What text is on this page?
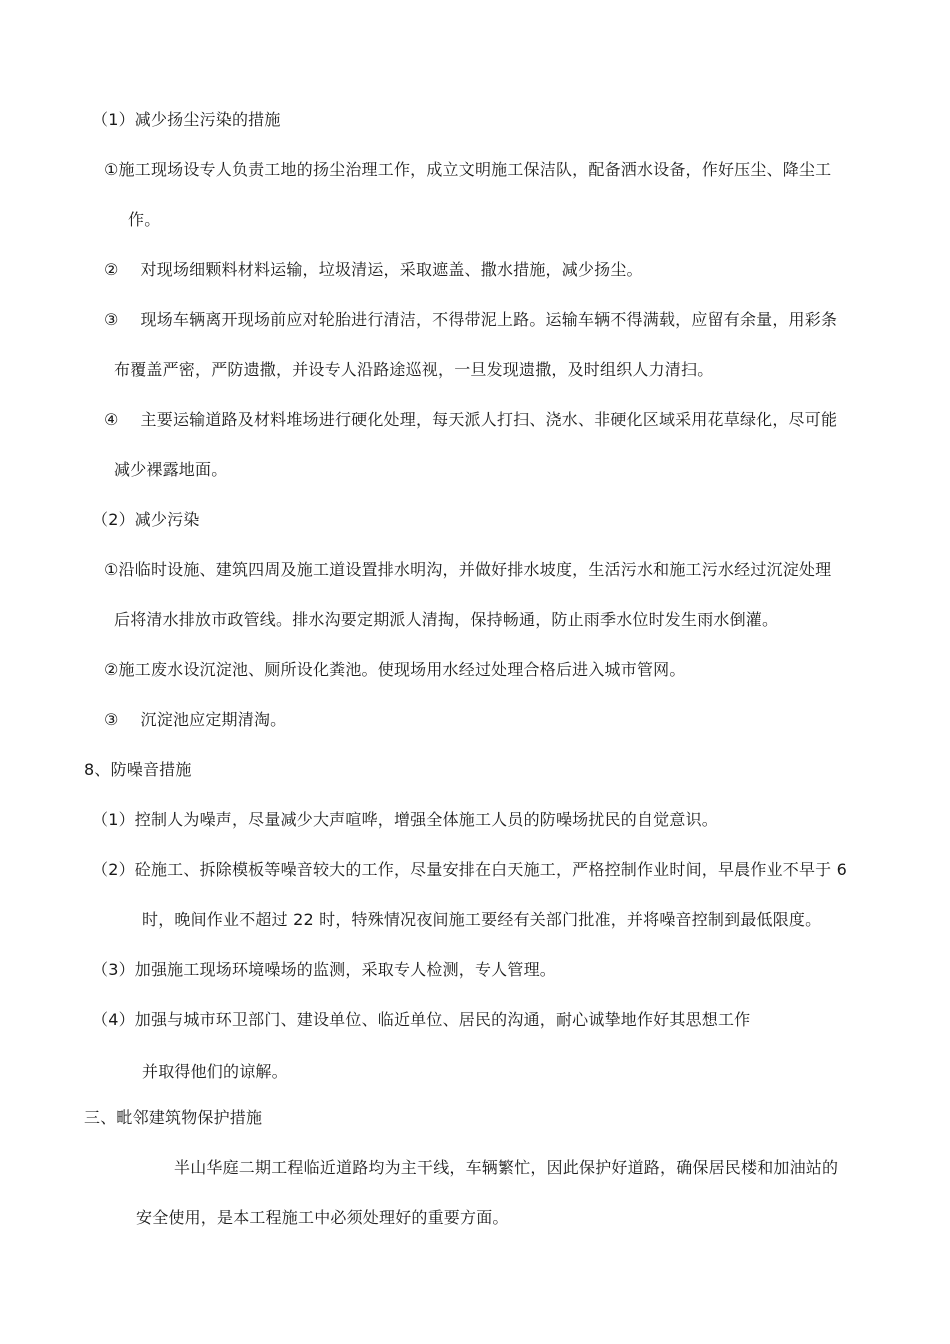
（1）减少扬尘污染的措施
①施工现场设专人负责工地的扬尘治理工作，成立文明施工保洁队，配备洒水设备，作好压尘、降尘工
作。
② 对现场细颗料材料运输，垃圾清运，采取遮盖、撒水措施，减少扬尘。
③ 现场车辆离开现场前应对轮胎进行清洁，不得带泥上路。运输车辆不得满载，应留有余量，用彩条
布覆盖严密，严防遗撒，并设专人沿路途巡视，一旦发现遗撒，及时组织人力清扫。
④ 主要运输道路及材料堆场进行硬化处理，每天派人打扫、浇水、非硬化区域采用花草绿化，尽可能
减少裸露地面。
（2）减少污染
①沿临时设施、建筑四周及施工道设置排水明沟，并做好排水坡度，生活污水和施工污水经过沉淀处理
后将清水排放市政管线。排水沟要定期派人清掏，保持畅通，防止雨季水位时发生雨水倒灌。
②施工废水设沉淀池、厕所设化粪池。使现场用水经过处理合格后进入城市管网。
③ 沉淀池应定期清淘。
8、防噪音措施
（1）控制人为噪声，尽量减少大声喧哗，增强全体施工人员的防噪场扰民的自觉意识。
（2）砼施工、拆除模板等噪音较大的工作，尽量安排在白天施工，严格控制作业时间，早晨作业不早于 6
时，晚间作业不超过 22 时，特殊情况夜间施工要经有关部门批准，并将噪音控制到最低限度。
（3）加强施工现场环境噪场的监测，采取专人检测，专人管理。
（4）加强与城市环卫部门、建设单位、临近单位、居民的沟通，耐心诚挚地作好其思想工作
并取得他们的谅解。
三、毗邻建筑物保护措施
半山华庭二期工程临近道路均为主干线，车辆繁忙，因此保护好道路，确保居民楼和加油站的
安全使用，是本工程施工中必须处理好的重要方面。
